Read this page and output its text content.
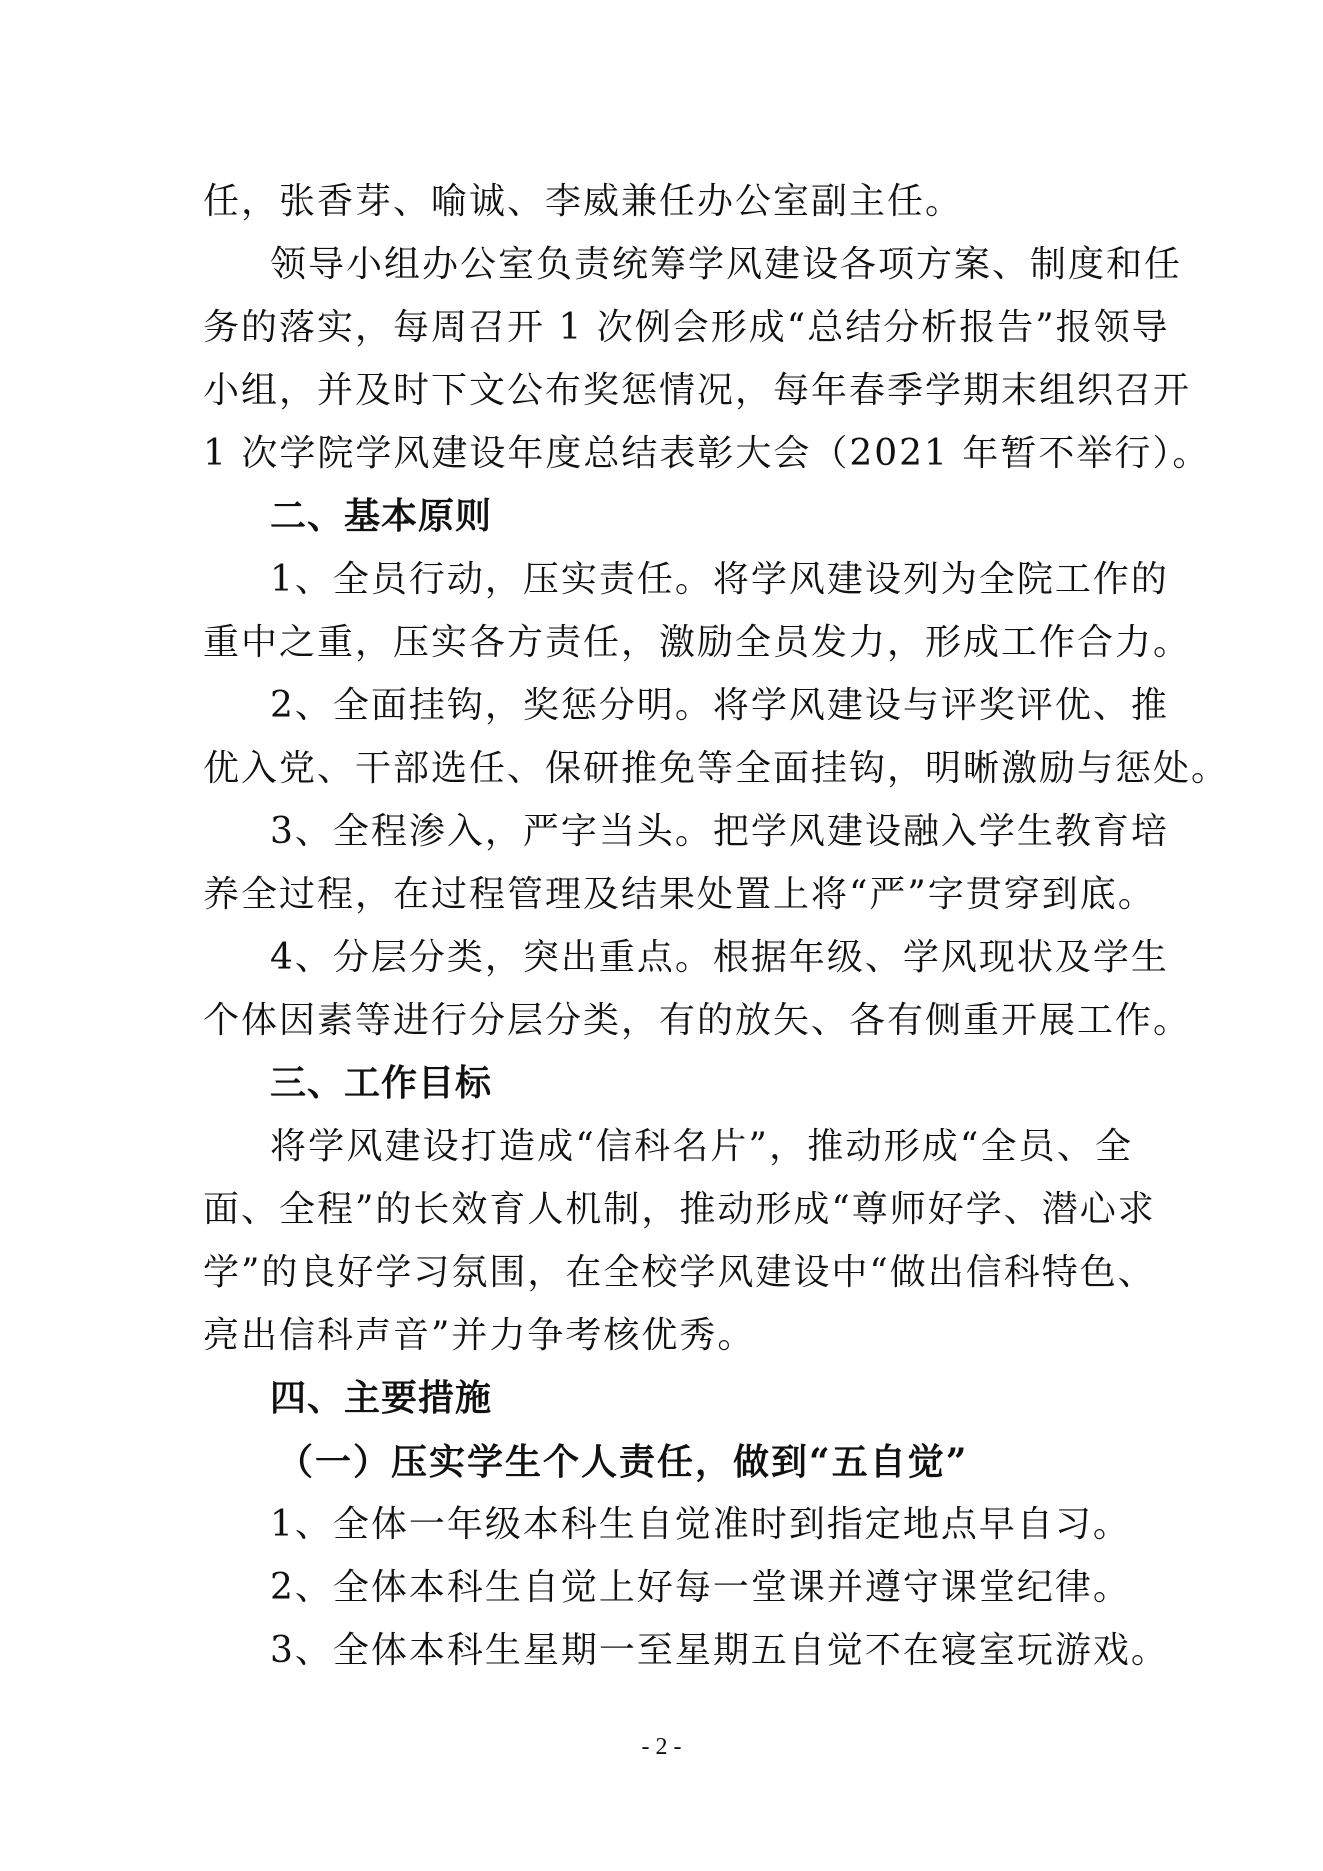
任，张香芽、喻诚、李威兼任办公室副主任。
领导小组办公室负责统筹学风建设各项方案、制度和任
务的落实，每周召开 1 次例会形成“总结分析报告”报领导
小组，并及时下文公布奖惩情况，每年春季学期末组织召开
1 次学院学风建设年度总结表彰大会（2021 年暂不举行）。
二、基本原则
1、全员行动，压实责任。将学风建设列为全院工作的
重中之重，压实各方责任，激励全员发力，形成工作合力。
2、全面挂钩，奖惩分明。将学风建设与评奖评优、推
优入党、干部选任、保研推免等全面挂钩，明晰激励与惩处。
3、全程渗入，严字当头。把学风建设融入学生教育培
养全过程，在过程管理及结果处置上将“严”字贯穿到底。
4、分层分类，突出重点。根据年级、学风现状及学生
个体因素等进行分层分类，有的放矢、各有侧重开展工作。
三、工作目标
将学风建设打造成“信科名片”，推动形成“全员、全
面、全程”的长效育人机制，推动形成“尊师好学、潜心求
学”的良好学习氛围，在全校学风建设中“做出信科特色、
亮出信科声音”并力争考核优秀。
四、主要措施
（一）压实学生个人责任，做到“五自觉”
1、全体一年级本科生自觉准时到指定地点早自习。
2、全体本科生自觉上好每一堂课并遵守课堂纪律。
3、全体本科生星期一至星期五自觉不在寝室玩游戏。
- 2 -
